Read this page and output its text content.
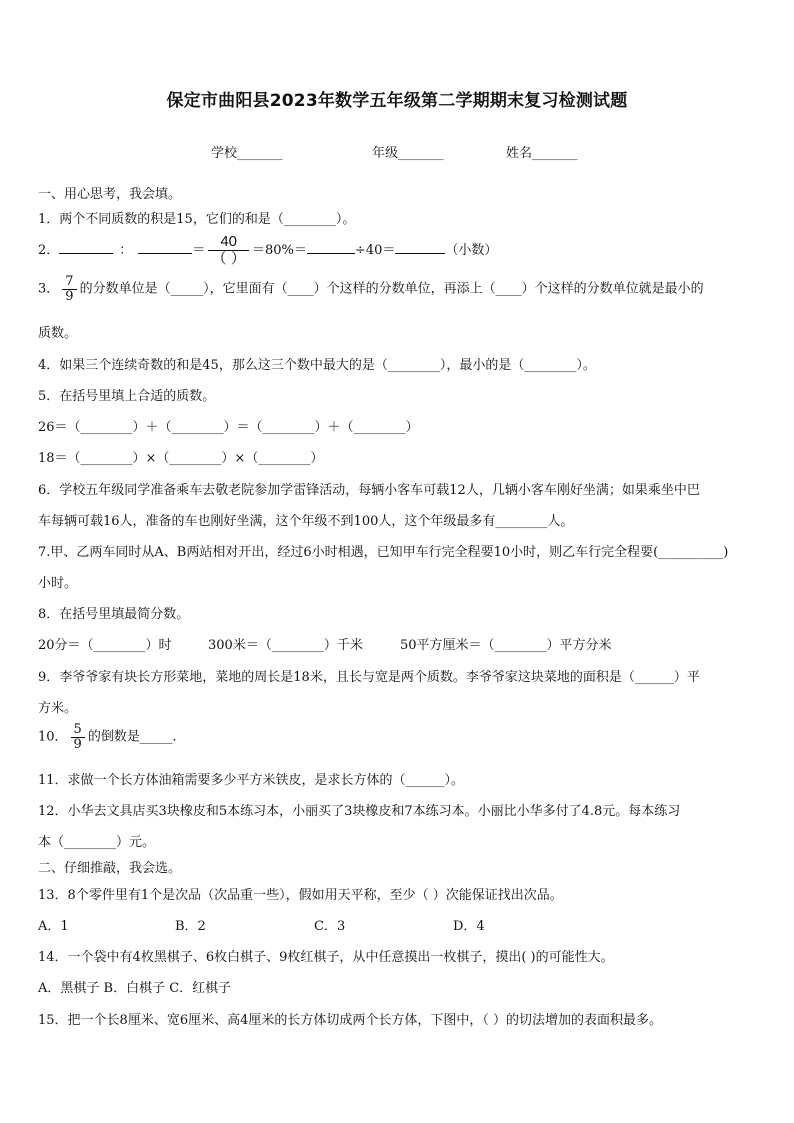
保定市曲阳县2023年数学五年级第二学期期末复习检测试题
学校_______	年级_______	姓名_______
一、用心思考，我会填。
1．两个不同质数的积是15，它们的和是（________）。
2．	：	＝ $\frac{40}{( )} =80\%=$	÷40＝	（小数）
3． $\frac{7}{9}$ 的分数单位是（_____），它里面有（____）个这样的分数单位，再添上（____）个这样的分数单位就是最小的
质数。
4．如果三个连续奇数的和是45，那么这三个数中最大的是（________），最小的是（________）。
5．在括号里填上合适的质数。
26＝（________）＋（________）＝（________）＋（________）
18＝（________）×（________）×（________）
6．学校五年级同学准备乘车去敬老院参加学雷锋活动，每辆小客车可载12人，几辆小客车刚好坐满；如果乘坐中巴
车每辆可载16人，准备的车也刚好坐满，这个年级不到100人，这个年级最多有________人。
7.甲、乙两车同时从A、B两站相对开出，经过6小时相遇，已知甲车行完全程要10小时，则乙车行完全程要(__________)
小时。
8．在括号里填最简分数。
20分＝（________）时	300米＝（________）千米	50平方厘米＝（________）平方分米
9．李爷爷家有块长方形菜地，菜地的周长是18米，且长与宽是两个质数。李爷爷家这块菜地的面积是（______）平
方米。
10． $\frac{5}{9}$ 的倒数是_____.
11．求做一个长方体油箱需要多少平方米铁皮，是求长方体的（______）。
12．小华去文具店买3块橡皮和5本练习本，小丽买了3块橡皮和7本练习本。小丽比小华多付了4.8元。每本练习
本（________）元。
二、仔细推敲，我会选。
13．8个零件里有1个是次品（次品重一些），假如用天平称，至少（ ）次能保证找出次品。
A．1	B．2	C．3	D．4
14．一个袋中有4枚黑棋子、6枚白棋子、9枚红棋子，从中任意摸出一枚棋子，摸出( )的可能性大。
A．黑棋子 B．白棋子 C．红棋子
15．把一个长8厘米、宽6厘米、高4厘米的长方体切成两个长方体，下图中，（ ）的切法增加的表面积最多。
